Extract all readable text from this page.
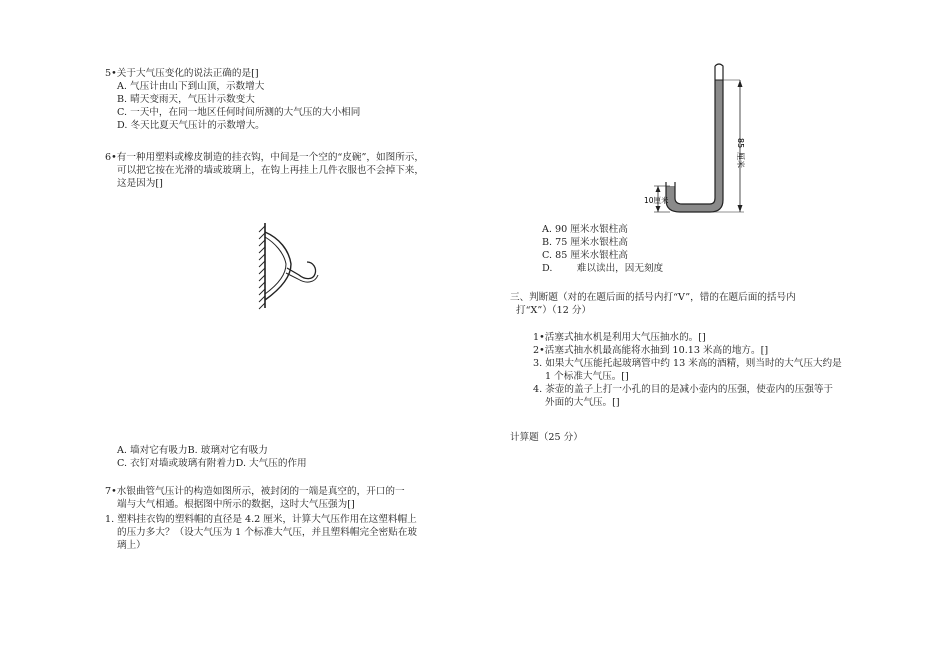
5•关于大气压变化的说法正确的是[]
A. 气压计由山下到山顶，示数增大
B. 晴天变雨天，气压计示数变大
C. 一天中，在同一地区任何时间所测的大气压的大小相同
D. 冬天比夏天气压计的示数增大。
6•有一种用塑料或橡皮制造的挂衣钩，中间是一个空的“皮碗”，如图所示，
可以把它按在光滑的墙或玻璃上，在钩上再挂上几件衣服也不会掉下来，
这是因为[]
A. 墙对它有吸力B. 玻璃对它有吸力
C. 衣钉对墙或玻璃有附着力D. 大气压的作用
7•水银曲管气压计的构造如图所示，被封闭的一端是真空的，开口的一
端与大气相通。根据图中所示的数据，这时大气压强为[]
1. 塑料挂衣钩的塑料帽的直径是 4.2 厘米，计算大气压作用在这塑料帽上
的压力多大？（设大气压为 1 个标准大气压，并且塑料帽完全密贴在玻
璃上）
85
厘米
10厘米
A. 90 厘米水银柱高
B. 75 厘米水银柱高
C. 85 厘米水银柱高
D.        难以读出，因无刻度
三、判断题（对的在题后面的括号内打“V”，错的在题后面的括号内
打“X”）（12 分）
1•活塞式抽水机是利用大气压抽水的。[]
2•活塞式抽水机最高能将水抽到 10.13 米高的地方。[]
3. 如果大气压能托起玻璃管中约 13 米高的酒精，则当时的大气压大约是
1 个标准大气压。[]
4. 茶壶的盖子上打一小孔的目的是减小壶内的压强，使壶内的压强等于
外面的大气压。[]
计算题（25 分）
